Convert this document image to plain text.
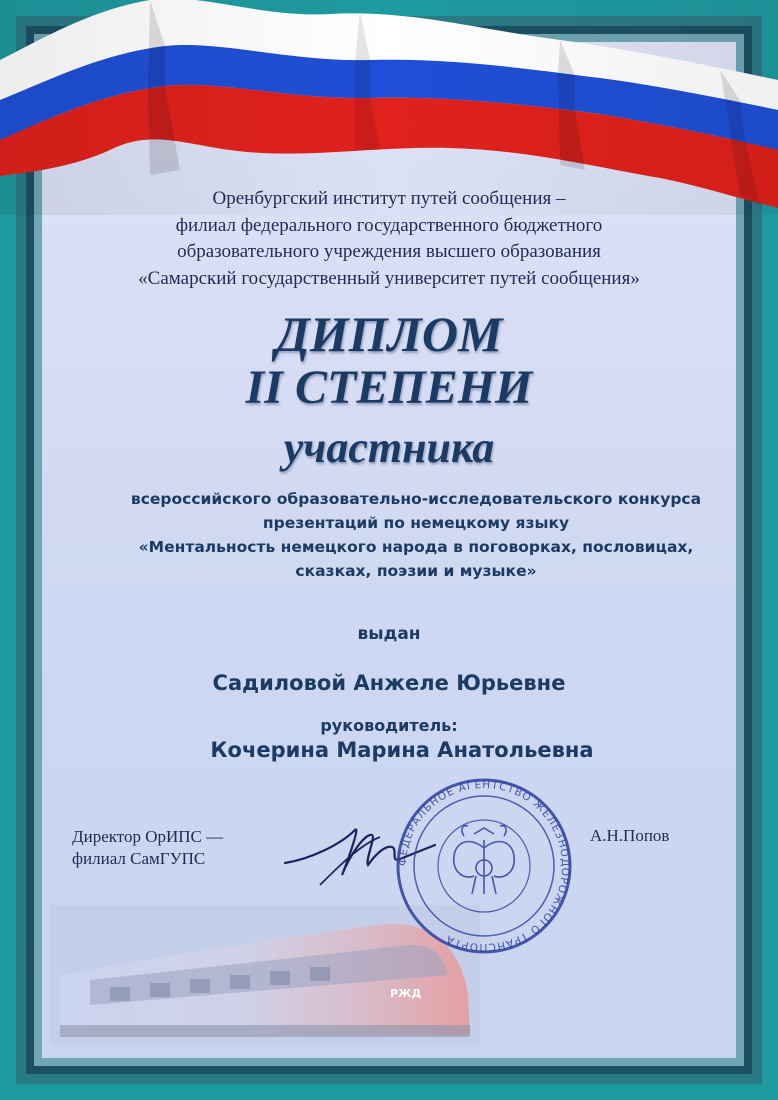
Оренбургский институт путей сообщения –
филиал федерального государственного бюджетного
образовательного учреждения высшего образования
«Самарский государственный университет путей сообщения»
ДИПЛОМ
II СТЕПЕНИ
участника
всероссийского образовательно-исследовательского конкурса
презентаций по немецкому языку
«Ментальность немецкого народа в поговорках, пословицах,
сказках, поэзии и музыке»
выдан
Садиловой Анжеле Юрьевне
руководитель:
Кочерина Марина Анатольевна
Директор ОрИПС —
филиал СамГУПС
А.Н.Попов
РЖД
ФЕДЕРАЛЬНОЕ АГЕНТСТВО ЖЕЛЕЗНОДОРОЖНОГО ТРАНСПОРТА
